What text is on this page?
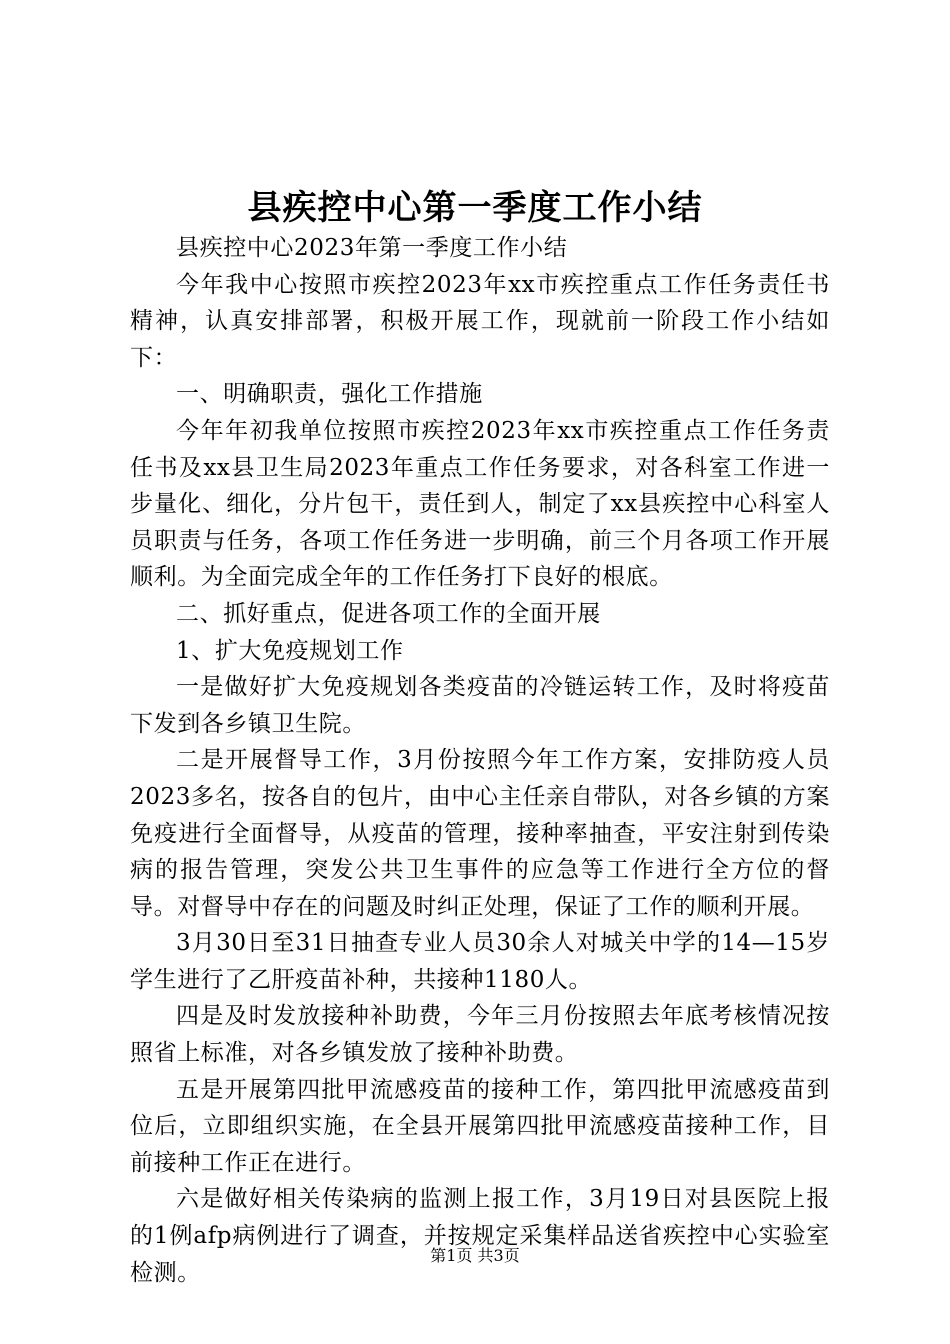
县疾控中心第一季度工作小结

县疾控中心2023年第一季度工作小结

今年我中心按照市疾控2023年xx市疾控重点工作任务责任书精神，认真安排部署，积极开展工作，现就前一阶段工作小结如下：

一、明确职责，强化工作措施

今年年初我单位按照市疾控2023年xx市疾控重点工作任务责任书及xx县卫生局2023年重点工作任务要求，对各科室工作进一步量化、细化，分片包干，责任到人，制定了xx县疾控中心科室人员职责与任务，各项工作任务进一步明确，前三个月各项工作开展顺利。为全面完成全年的工作任务打下良好的根底。

二、抓好重点，促进各项工作的全面开展

1、扩大免疫规划工作

一是做好扩大免疫规划各类疫苗的冷链运转工作，及时将疫苗下发到各乡镇卫生院。

二是开展督导工作，3月份按照今年工作方案，安排防疫人员2023多名，按各自的包片，由中心主任亲自带队，对各乡镇的方案免疫进行全面督导，从疫苗的管理，接种率抽查，平安注射到传染病的报告管理，突发公共卫生事件的应急等工作进行全方位的督导。对督导中存在的问题及时纠正处理，保证了工作的顺利开展。

3月30日至31日抽查专业人员30余人对城关中学的14—15岁学生进行了乙肝疫苗补种，共接种1180人。

四是及时发放接种补助费，今年三月份按照去年底考核情况按照省上标准，对各乡镇发放了接种补助费。

五是开展第四批甲流感疫苗的接种工作，第四批甲流感疫苗到位后，立即组织实施，在全县开展第四批甲流感疫苗接种工作，目前接种工作正在进行。

六是做好相关传染病的监测上报工作，3月19日对县医院上报的1例afp病例进行了调查，并按规定采集样品送省疾控中心实验室检测。

第1页 共3页
